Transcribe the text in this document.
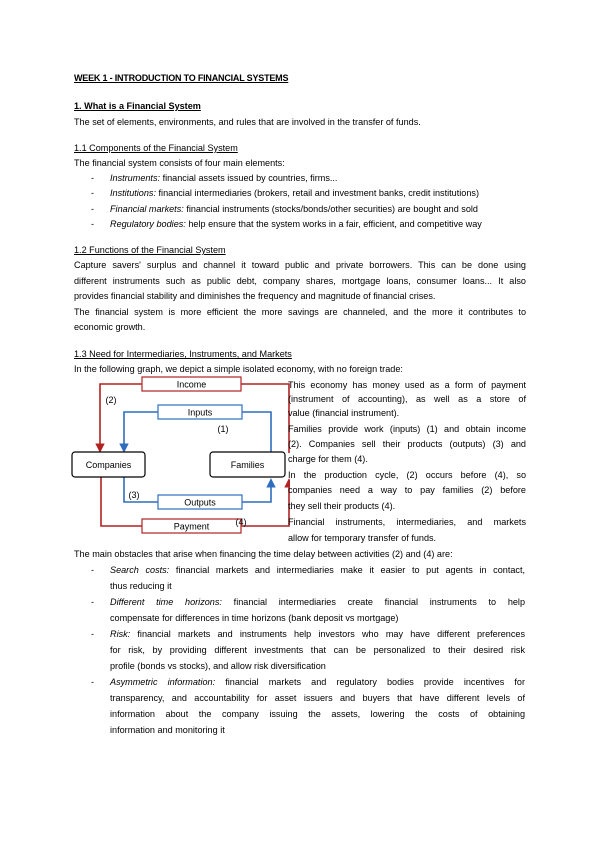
WEEK 1 - INTRODUCTION TO FINANCIAL SYSTEMS
1. What is a Financial System
The set of elements, environments, and rules that are involved in the transfer of funds.
1.1 Components of the Financial System
The financial system consists of four main elements:
- Instruments: financial assets issued by countries, firms...
- Institutions: financial intermediaries (brokers, retail and investment banks, credit institutions)
- Financial markets: financial instruments (stocks/bonds/other securities) are bought and sold
- Regulatory bodies: help ensure that the system works in a fair, efficient, and competitive way
1.2 Functions of the Financial System
Capture savers' surplus and channel it toward public and private borrowers. This can be done using
different instruments such as public debt, company shares, mortgage loans, consumer loans... It also
provides financial stability and diminishes the frequency and magnitude of financial crises.
The financial system is more efficient the more savings are channeled, and the more it contributes to
economic growth.
1.3 Need for Intermediaries, Instruments, and Markets
In the following graph, we depict a simple isolated economy, with no foreign trade:
Income
Inputs
Companies	Families
Outputs
Payment
(2)
(1)
(3)
(4)
This economy has money used as a form of payment
(instrument of accounting), as well as a store of
value (financial instrument).
Families provide work (inputs) (1) and obtain income
(2). Companies sell their products (outputs) (3) and
charge for them (4).
In the production cycle, (2) occurs before (4), so
companies need a way to pay families (2) before
they sell their products (4).
Financial instruments, intermediaries, and markets
allow for temporary transfer of funds.
The main obstacles that arise when financing the time delay between activities (2) and (4) are:
- Search costs: financial markets and intermediaries make it easier to put agents in contact,
thus reducing it
- Different time horizons: financial intermediaries create financial instruments to help
compensate for differences in time horizons (bank deposit vs mortgage)
- Risk: financial markets and instruments help investors who may have different preferences
for risk, by providing different investments that can be personalized to their desired risk
profile (bonds vs stocks), and allow risk diversification
- Asymmetric information: financial markets and regulatory bodies provide incentives for
transparency, and accountability for asset issuers and buyers that have different levels of
information about the company issuing the assets, lowering the costs of obtaining
information and monitoring it
